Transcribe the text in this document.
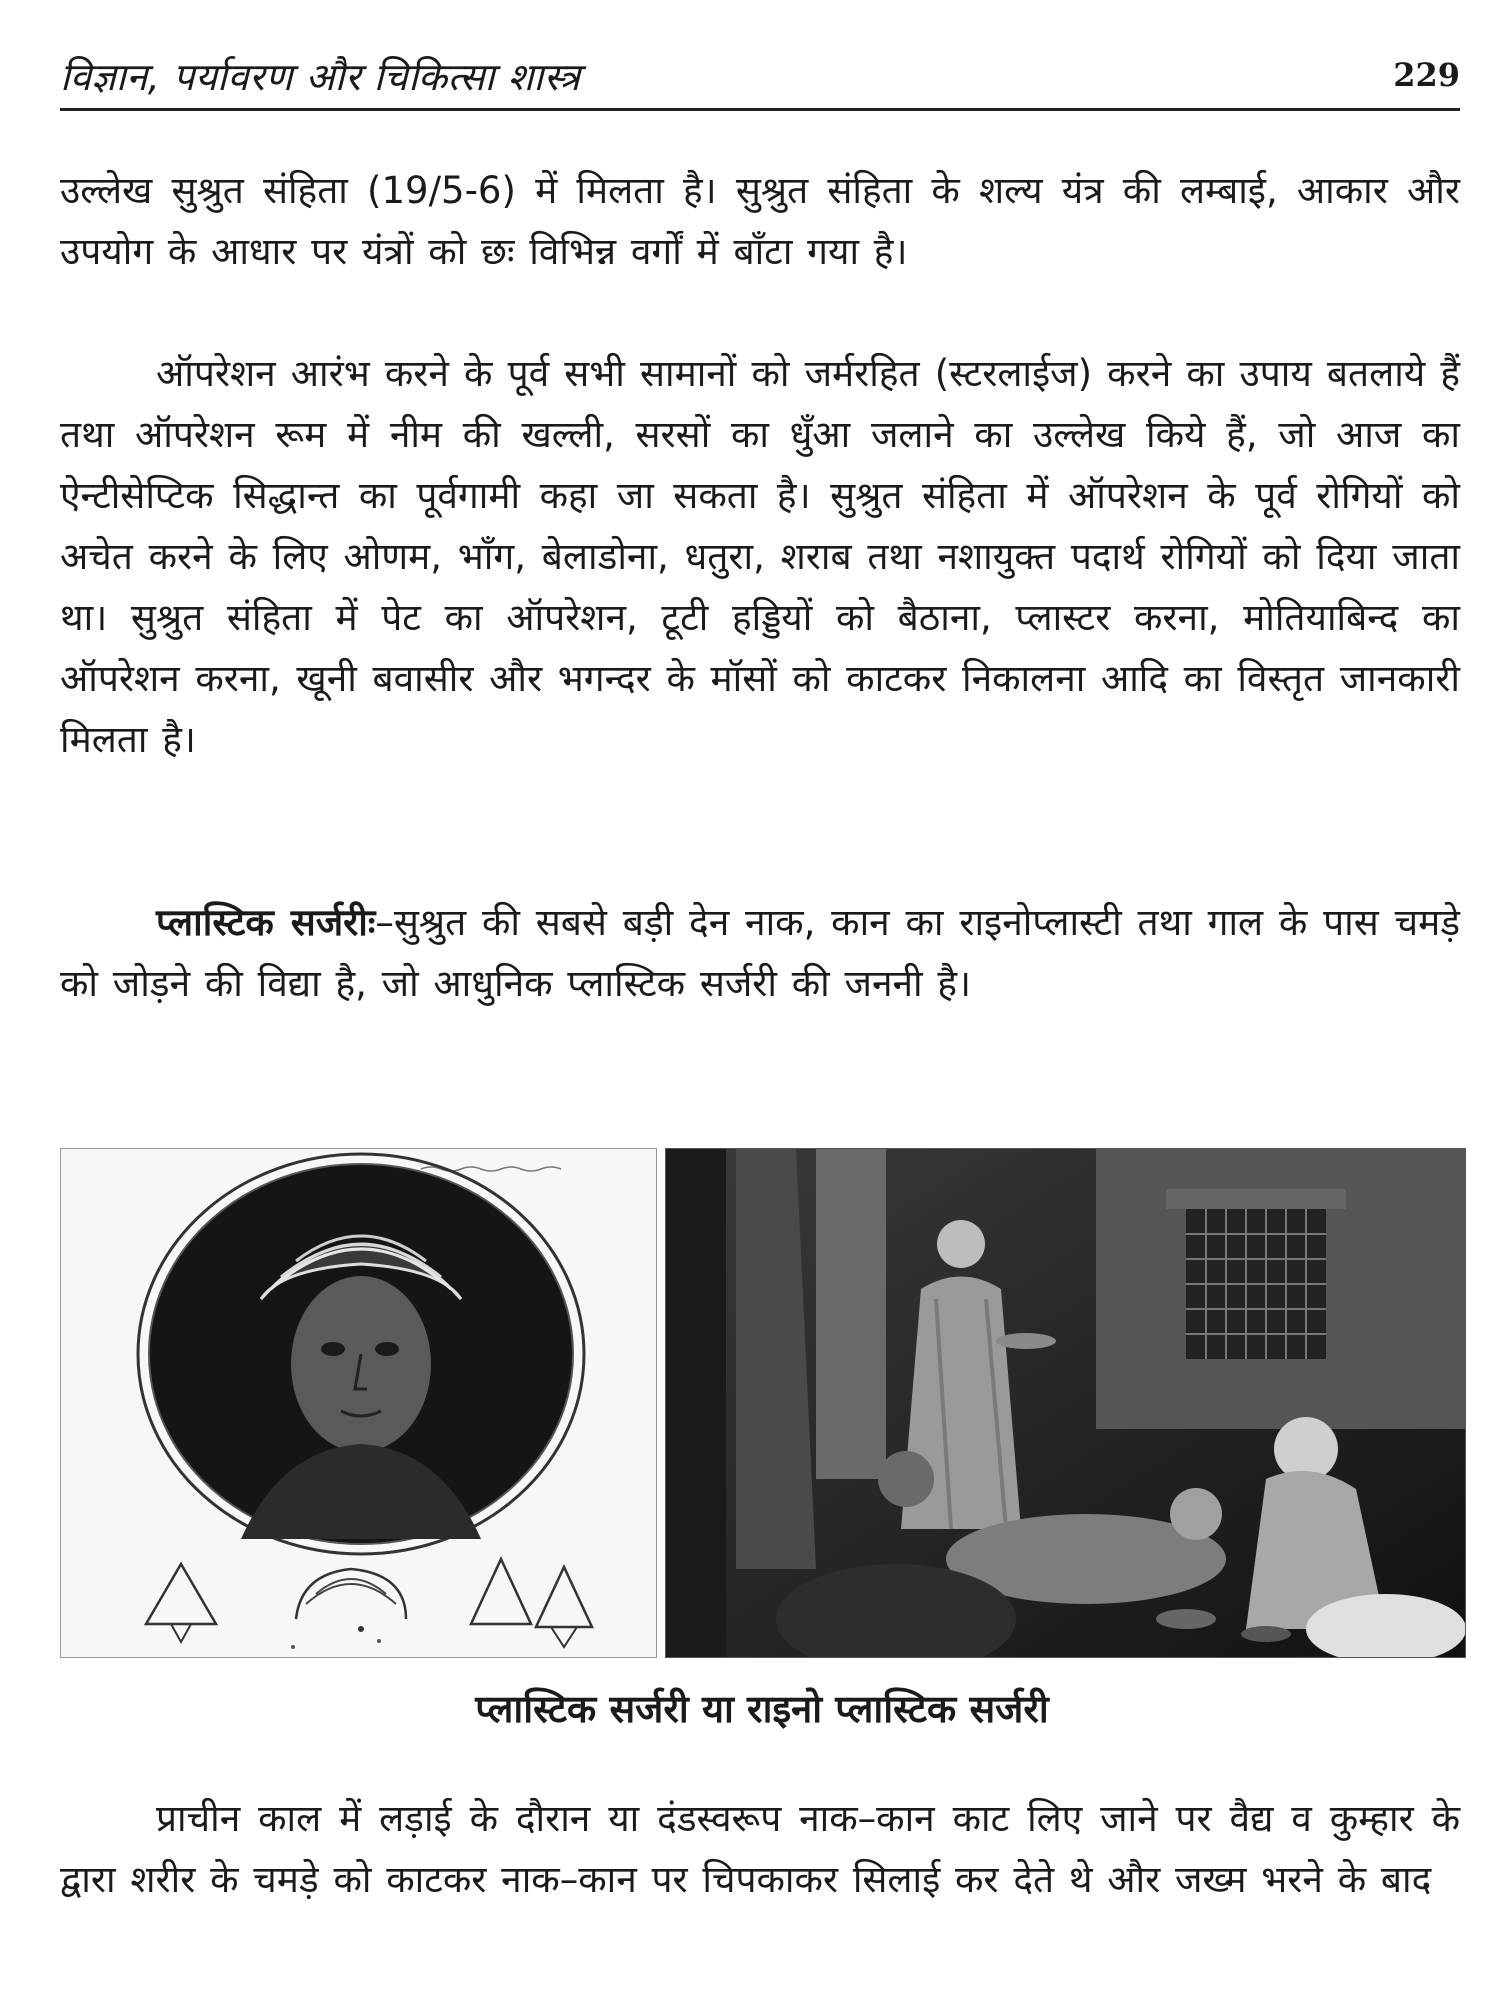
विज्ञान, पर्यावरण और चिकित्सा शास्त्र	229

उल्लेख सुश्रुत संहिता (19/5-6) में मिलता है। सुश्रुत संहिता के शल्य यंत्र की लम्बाई, आकार और उपयोग के आधार पर यंत्रों को छः विभिन्न वर्गों में बाँटा गया है।

ऑपरेशन आरंभ करने के पूर्व सभी सामानों को जर्मरहित (स्टरलाईज) करने का उपाय बतलाये हैं तथा ऑपरेशन रूम में नीम की खल्ली, सरसों का धुँआ जलाने का उल्लेख किये हैं, जो आज का ऐन्टीसेप्टिक सिद्धान्त का पूर्वगामी कहा जा सकता है। सुश्रुत संहिता में ऑपरेशन के पूर्व रोगियों को अचेत करने के लिए ओणम, भाँग, बेलाडोना, धतुरा, शराब तथा नशायुक्त पदार्थ रोगियों को दिया जाता था। सुश्रुत संहिता में पेट का ऑपरेशन, टूटी हड्डियों को बैठाना, प्लास्टर करना, मोतियाबिन्द का ऑपरेशन करना, खूनी बवासीर और भगन्दर के मॉसों को काटकर निकालना आदि का विस्तृत जानकारी मिलता है।

प्लास्टिक सर्जरीः–सुश्रुत की सबसे बड़ी देन नाक, कान का राइनोप्लास्टी तथा गाल के पास चमड़े को जोड़ने की विद्या है, जो आधुनिक प्लास्टिक सर्जरी की जननी है।

प्लास्टिक सर्जरी या राइनो प्लास्टिक सर्जरी

प्राचीन काल में लड़ाई के दौरान या दंडस्वरूप नाक–कान काट लिए जाने पर वैद्य व कुम्हार के द्वारा शरीर के चमड़े को काटकर नाक–कान पर चिपकाकर सिलाई कर देते थे और जख्म भरने के बाद
